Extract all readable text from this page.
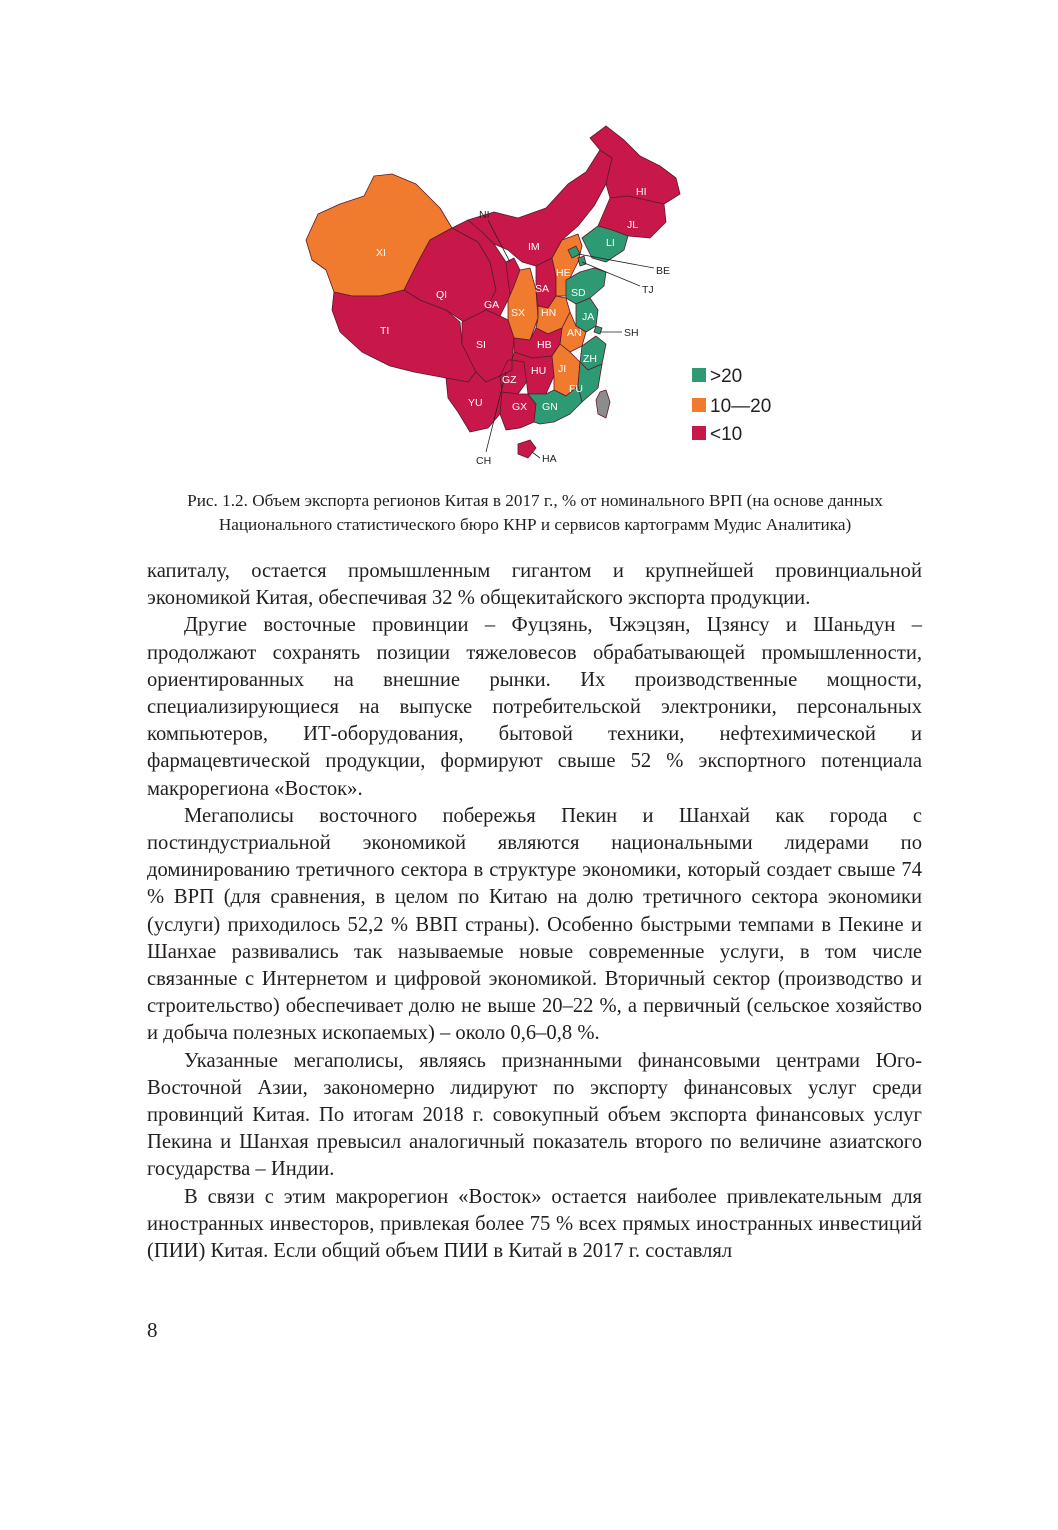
HI
JL
LI
IM
NI
XI
BE
TJ
HE
SA
QI
GA
SD
SX HN JA
AN	SH
TI
SI	HB
ZH
HU JI
GZ
FU
YU	GX GN
CH	HA
>20
10—20
<10
Рис. 1.2. Объем экспорта регионов Китая в 2017 г., % от номинального ВРП (на основе данных
Национального статистического бюро КНР и сервисов картограмм Мудис Аналитика)

капиталу, остается промышленным гигантом и крупнейшей провинциальной экономикой Китая, обеспечивая 32 % общекитайского экспорта продукции.

Другие восточные провинции – Фуцзянь, Чжэцзян, Цзянсу и Шаньдун – продолжают сохранять позиции тяжеловесов обрабатывающей промышленности, ориентированных на внешние рынки. Их производственные мощности, специализирующиеся на выпуске потребительской электроники, персональных компьютеров, ИТ-оборудования, бытовой техники, нефтехимической и фармацевтической продукции, формируют свыше 52 % экспортного потенциала макрорегиона «Восток».

Мегаполисы восточного побережья Пекин и Шанхай как города с постиндустриальной экономикой являются национальными лидерами по доминированию третичного сектора в структуре экономики, который создает свыше 74 % ВРП (для сравнения, в целом по Китаю на долю третичного сектора экономики (услуги) приходилось 52,2 % ВВП страны). Особенно быстрыми темпами в Пекине и Шанхае развивались так называемые новые современные услуги, в том числе связанные с Интернетом и цифровой экономикой. Вторичный сектор (производство и строительство) обеспечивает долю не выше 20–22 %, а первичный (сельское хозяйство и добыча полезных ископаемых) – около 0,6–0,8 %.

Указанные мегаполисы, являясь признанными финансовыми центрами Юго-Восточной Азии, закономерно лидируют по экспорту финансовых услуг среди провинций Китая. По итогам 2018 г. совокупный объем экспорта финансовых услуг Пекина и Шанхая превысил аналогичный показатель второго по величине азиатского государства – Индии.

В связи с этим макрорегион «Восток» остается наиболее привлекательным для иностранных инвесторов, привлекая более 75 % всех прямых иностранных инвестиций (ПИИ) Китая. Если общий объем ПИИ в Китай в 2017 г. составлял

8
